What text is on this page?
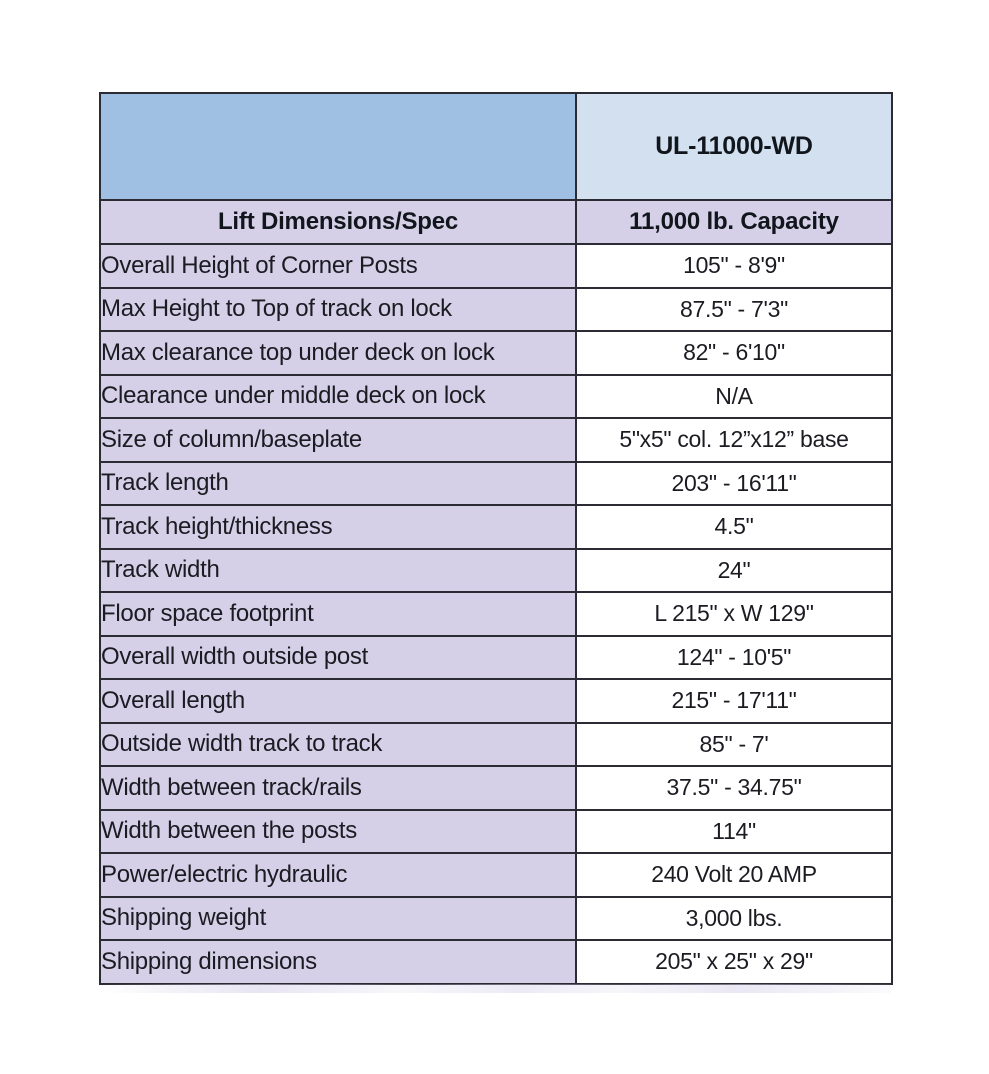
	UL-11000-WD
Lift Dimensions/Spec	11,000 lb. Capacity
Overall Height of Corner Posts	105" - 8'9"
Max Height to Top of track on lock	87.5" - 7'3"
Max clearance top under deck on lock	82" - 6'10"
Clearance under middle deck on lock	N/A
Size of column/baseplate	5"x5" col. 12”x12” base
Track length	203" - 16'11"
Track height/thickness	4.5"
Track width	24"
Floor space footprint	L 215" x W 129"
Overall width outside post	124" - 10'5"
Overall length	215" - 17'11"
Outside width track to track	85" - 7'
Width between track/rails	37.5" - 34.75"
Width between the posts	114"
Power/electric hydraulic	240 Volt 20 AMP
Shipping weight	3,000 lbs.
Shipping dimensions	205" x 25" x 29"
